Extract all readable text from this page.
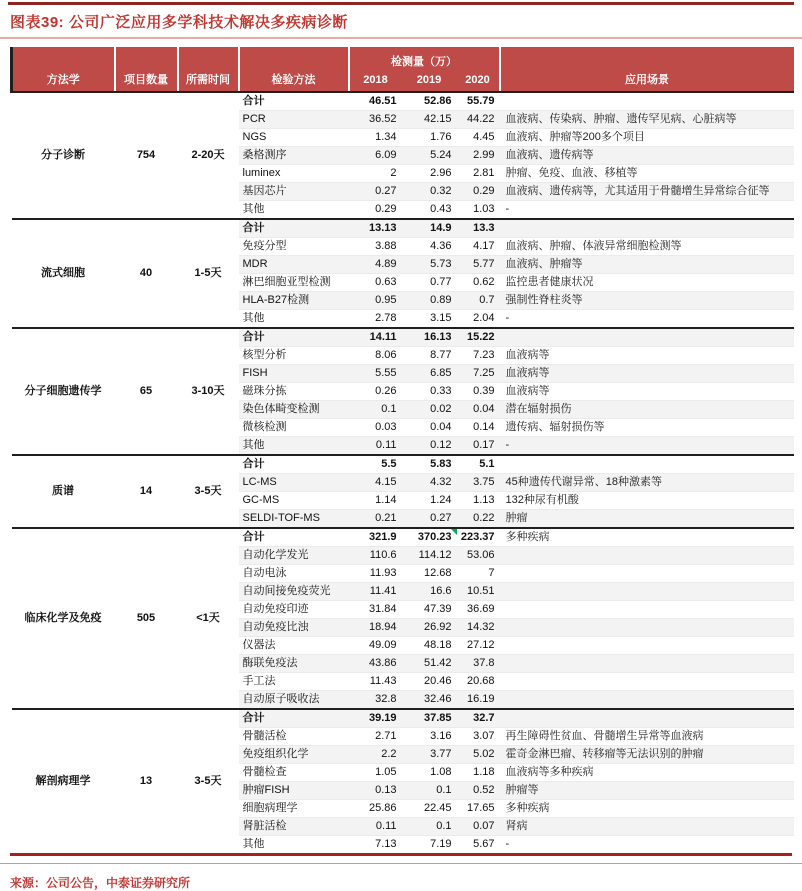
图表39: 公司广泛应用多学科技术解决多疾病诊断
方法学	项目数量	所需时间	检验方法	检测量（万）			应用场景
				2018	2019	2020	
分子诊断	754	2-20天	合计	46.51	52.86	55.79	
			PCR	36.52	42.15	44.22	血液病、传染病、肿瘤、遗传罕见病、心脏病等
			NGS	1.34	1.76	4.45	血液病、肿瘤等200多个项目
			桑格测序	6.09	5.24	2.99	血液病、遗传病等
			luminex	2	2.96	2.81	肿瘤、免疫、血液、移植等
			基因芯片	0.27	0.32	0.29	血液病、遗传病等，尤其适用于骨髓增生异常综合征等
			其他	0.29	0.43	1.03	-
流式细胞	40	1-5天	合计	13.13	14.9	13.3	
			免疫分型	3.88	4.36	4.17	血液病、肿瘤、体液异常细胞检测等
			MDR	4.89	5.73	5.77	血液病、肿瘤等
			淋巴细胞亚型检测	0.63	0.77	0.62	监控患者健康状况
			HLA-B27检测	0.95	0.89	0.7	强制性脊柱炎等
			其他	2.78	3.15	2.04	-
分子细胞遗传学	65	3-10天	合计	14.11	16.13	15.22	
			核型分析	8.06	8.77	7.23	血液病等
			FISH	5.55	6.85	7.25	血液病等
			磁珠分拣	0.26	0.33	0.39	血液病等
			染色体畸变检测	0.1	0.02	0.04	潜在辐射损伤
			微核检测	0.03	0.04	0.14	遗传病、辐射损伤等
			其他	0.11	0.12	0.17	-
质谱	14	3-5天	合计	5.5	5.83	5.1	
			LC-MS	4.15	4.32	3.75	45种遗传代谢异常、18种激素等
			GC-MS	1.14	1.24	1.13	132种尿有机酸
			SELDI-TOF-MS	0.21	0.27	0.22	肿瘤
临床化学及免疫	505	<1天	合计	321.9	370.23	223.37	多种疾病
			自动化学发光	110.6	114.12	53.06	
			自动电泳	11.93	12.68	7	
			自动间接免疫荧光	11.41	16.6	10.51	
			自动免疫印迹	31.84	47.39	36.69	
			自动免疫比浊	18.94	26.92	14.32	
			仪器法	49.09	48.18	27.12	
			酶联免疫法	43.86	51.42	37.8	
			手工法	11.43	20.46	20.68	
			自动原子吸收法	32.8	32.46	16.19	
解剖病理学	13	3-5天	合计	39.19	37.85	32.7	
			骨髓活检	2.71	3.16	3.07	再生障碍性贫血、骨髓增生异常等血液病
			免疫组织化学	2.2	3.77	5.02	霍奇金淋巴瘤、转移瘤等无法识别的肿瘤
			骨髓检查	1.05	1.08	1.18	血液病等多种疾病
			肿瘤FISH	0.13	0.1	0.52	肿瘤等
			细胞病理学	25.86	22.45	17.65	多种疾病
			肾脏活检	0.11	0.1	0.07	肾病
			其他	7.13	7.19	5.67	-
来源：公司公告，中泰证券研究所
